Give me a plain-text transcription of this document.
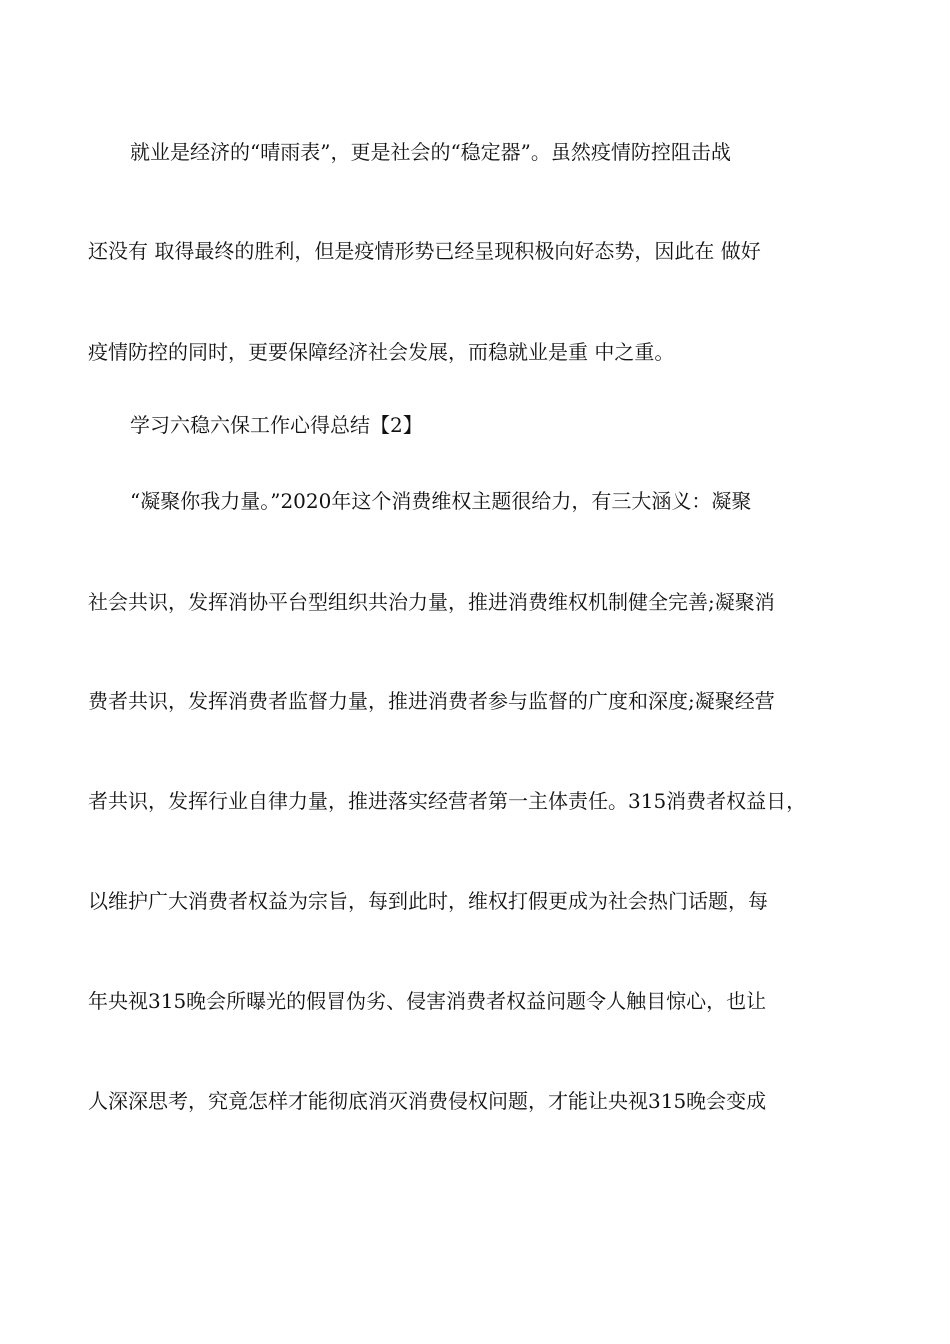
就业是经济的“晴雨表”，更是社会的“稳定器”。虽然疫情防控阻击战
还没有 取得最终的胜利，但是疫情形势已经呈现积极向好态势，因此在 做好
疫情防控的同时，更要保障经济社会发展，而稳就业是重 中之重。
学习六稳六保工作心得总结【2】
“凝聚你我力量。”2020年这个消费维权主题很给力，有三大涵义：凝聚
社会共识，发挥消协平台型组织共治力量，推进消费维权机制健全完善;凝聚消
费者共识，发挥消费者监督力量，推进消费者参与监督的广度和深度;凝聚经营
者共识，发挥行业自律力量，推进落实经营者第一主体责任。315消费者权益日，
以维护广大消费者权益为宗旨，每到此时，维权打假更成为社会热门话题，每
年央视315晚会所曝光的假冒伪劣、侵害消费者权益问题令人触目惊心，也让
人深深思考，究竟怎样才能彻底消灭消费侵权问题，才能让央视315晚会变成
